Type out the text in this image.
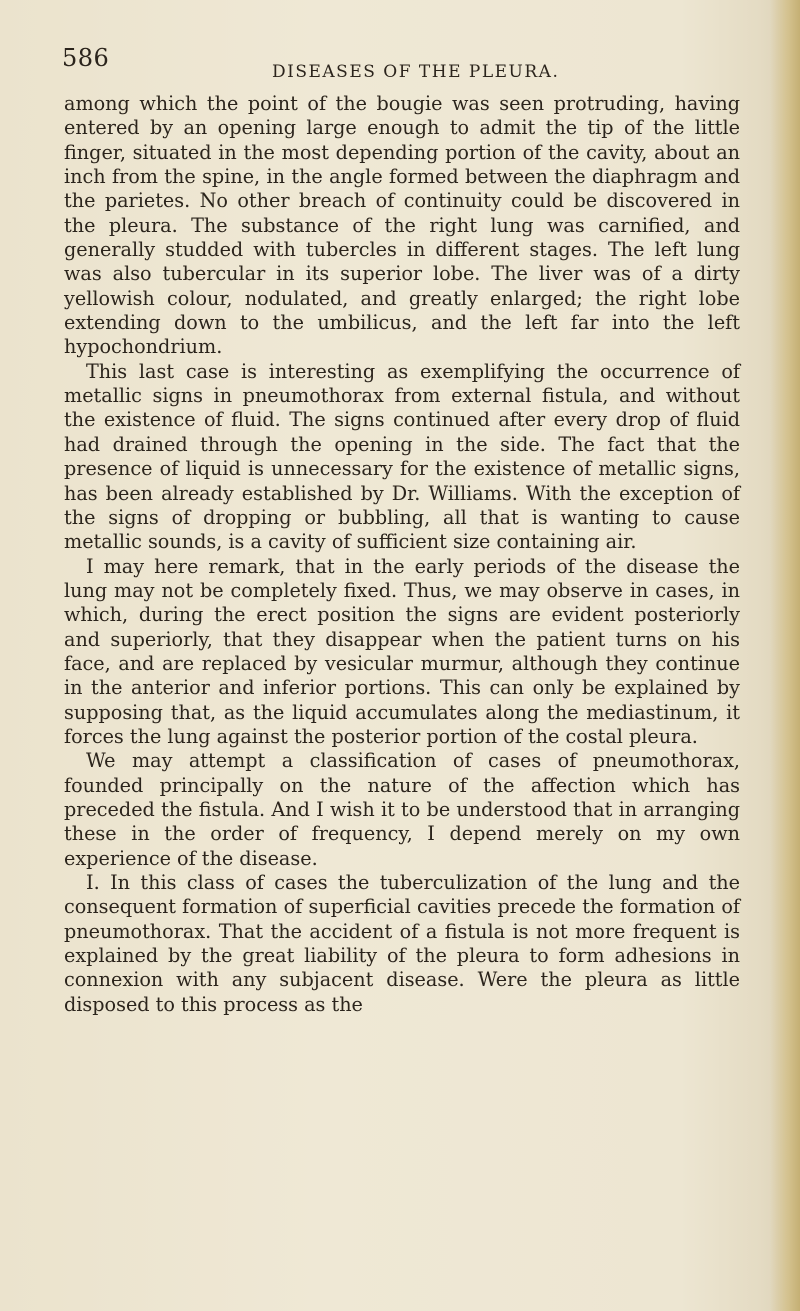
586	DISEASES OF THE PLEURA.

among which the point of the bougie was seen protruding, having entered by an opening large enough to admit the tip of the little finger, situated in the most depending portion of the cavity, about an inch from the spine, in the angle formed between the diaphragm and the parietes. No other breach of continuity could be discovered in the pleura. The substance of the right lung was carnified, and generally studded with tubercles in different stages. The left lung was also tubercular in its superior lobe. The liver was of a dirty yellowish colour, nodulated, and greatly enlarged; the right lobe extending down to the umbilicus, and the left far into the left hypochondrium.

This last case is interesting as exemplifying the occurrence of metallic signs in pneumothorax from external fistula, and without the existence of fluid. The signs continued after every drop of fluid had drained through the opening in the side. The fact that the presence of liquid is unnecessary for the existence of metallic signs, has been already established by Dr. Williams. With the exception of the signs of dropping or bubbling, all that is wanting to cause metallic sounds, is a cavity of sufficient size containing air.

I may here remark, that in the early periods of the disease the lung may not be completely fixed. Thus, we may observe in cases, in which, during the erect position the signs are evident posteriorly and superiorly, that they disappear when the patient turns on his face, and are replaced by vesicular murmur, although they continue in the anterior and inferior portions. This can only be explained by supposing that, as the liquid accumulates along the mediastinum, it forces the lung against the posterior portion of the costal pleura.

We may attempt a classification of cases of pneumothorax, founded principally on the nature of the affection which has preceded the fistula. And I wish it to be understood that in arranging these in the order of frequency, I depend merely on my own experience of the disease.

I. In this class of cases the tuberculization of the lung and the consequent formation of superficial cavities precede the formation of pneumothorax. That the accident of a fistula is not more frequent is explained by the great liability of the pleura to form adhesions in connexion with any subjacent disease. Were the pleura as little disposed to this process as the
